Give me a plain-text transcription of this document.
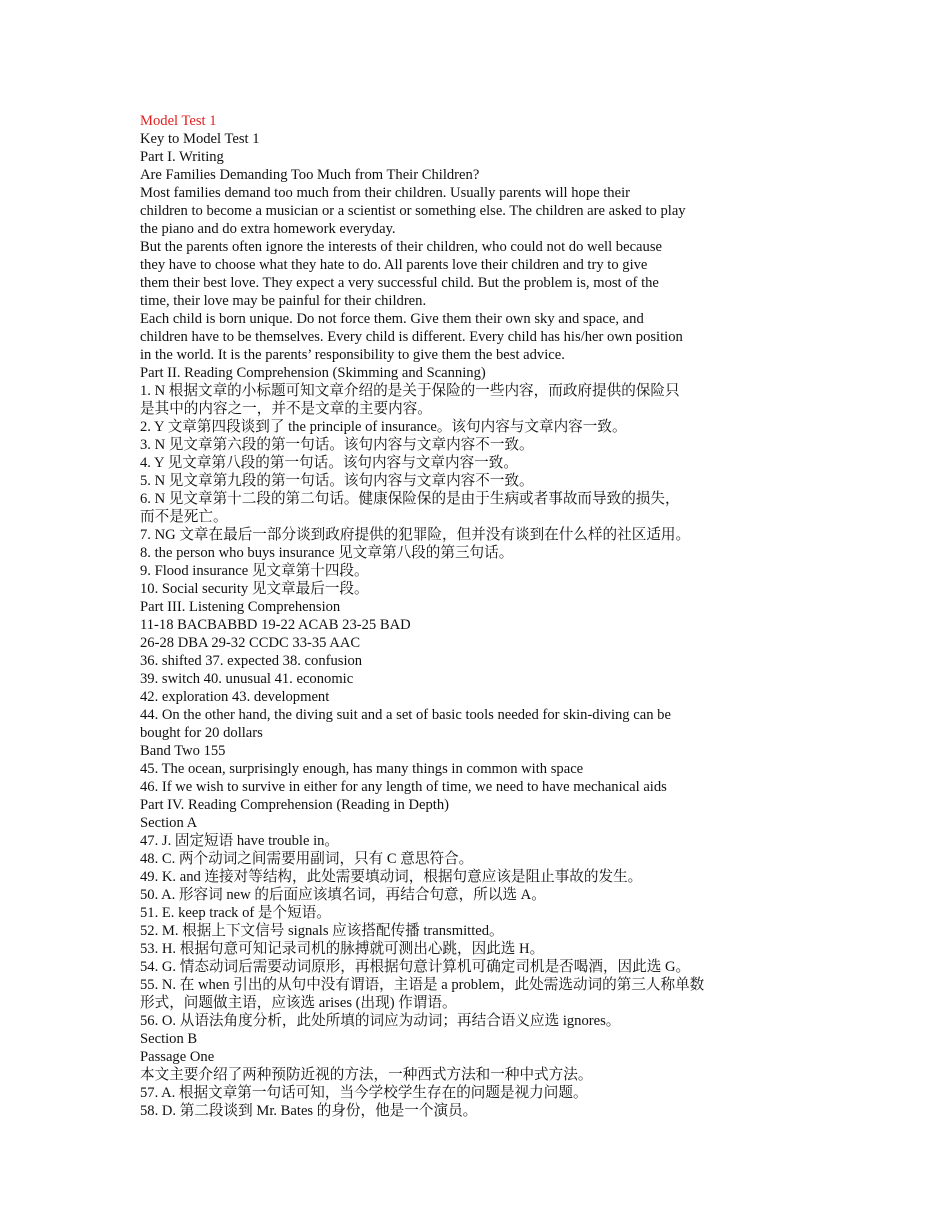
Model Test 1
Key to Model Test 1
Part I. Writing
Are Families Demanding Too Much from Their Children?
Most families demand too much from their children. Usually parents will hope their
children to become a musician or a scientist or something else. The children are asked to play
the piano and do extra homework everyday.
But the parents often ignore the interests of their children, who could not do well because
they have to choose what they hate to do. All parents love their children and try to give
them their best love. They expect a very successful child. But the problem is, most of the
time, their love may be painful for their children.
Each child is born unique. Do not force them. Give them their own sky and space, and
children have to be themselves. Every child is different. Every child has his/her own position
in the world. It is the parents’ responsibility to give them the best advice.
Part II. Reading Comprehension (Skimming and Scanning)
1. N 根据文章的小标题可知文章介绍的是关于保险的一些内容，而政府提供的保险只
是其中的内容之一，并不是文章的主要内容。
2. Y 文章第四段谈到了 the principle of insurance。该句内容与文章内容一致。
3. N 见文章第六段的第一句话。该句内容与文章内容不一致。
4. Y 见文章第八段的第一句话。该句内容与文章内容一致。
5. N 见文章第九段的第一句话。该句内容与文章内容不一致。
6. N 见文章第十二段的第二句话。健康保险保的是由于生病或者事故而导致的损失，
而不是死亡。
7. NG 文章在最后一部分谈到政府提供的犯罪险，但并没有谈到在什么样的社区适用。
8. the person who buys insurance 见文章第八段的第三句话。
9. Flood insurance 见文章第十四段。
10. Social security 见文章最后一段。
Part III. Listening Comprehension
11-18 BACBABBD 19-22 ACAB 23-25 BAD
26-28 DBA 29-32 CCDC 33-35 AAC
36. shifted 37. expected 38. confusion
39. switch 40. unusual 41. economic
42. exploration 43. development
44. On the other hand, the diving suit and a set of basic tools needed for skin-diving can be
bought for 20 dollars
Band Two 155
45. The ocean, surprisingly enough, has many things in common with space
46. If we wish to survive in either for any length of time, we need to have mechanical aids
Part IV. Reading Comprehension (Reading in Depth)
Section A
47. J. 固定短语 have trouble in。
48. C. 两个动词之间需要用副词，只有 C 意思符合。
49. K. and 连接对等结构，此处需要填动词，根据句意应该是阻止事故的发生。
50. A. 形容词 new 的后面应该填名词，再结合句意，所以选 A。
51. E. keep track of 是个短语。
52. M. 根据上下文信号 signals 应该搭配传播 transmitted。
53. H. 根据句意可知记录司机的脉搏就可测出心跳，因此选 H。
54. G. 情态动词后需要动词原形，再根据句意计算机可确定司机是否喝酒，因此选 G。
55. N. 在 when 引出的从句中没有谓语，主语是 a problem，此处需选动词的第三人称单数
形式，问题做主语，应该选 arises (出现) 作谓语。
56. O. 从语法角度分析，此处所填的词应为动词；再结合语义应选 ignores。
Section B
Passage One
本文主要介绍了两种预防近视的方法，一种西式方法和一种中式方法。
57. A. 根据文章第一句话可知，当今学校学生存在的问题是视力问题。
58. D. 第二段谈到 Mr. Bates 的身份，他是一个演员。
